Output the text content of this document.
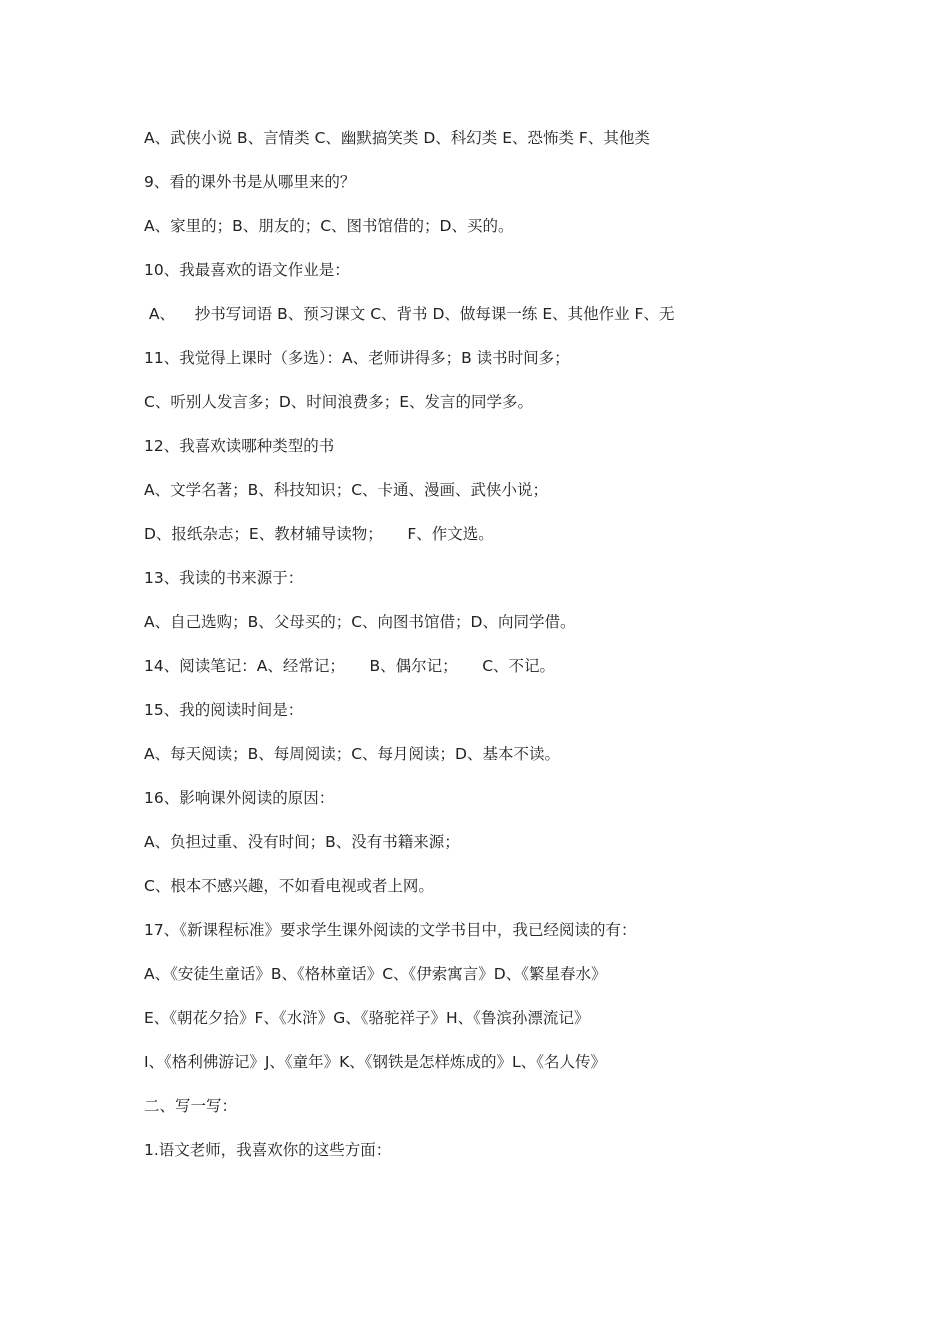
A、武侠小说 B、言情类 C、幽默搞笑类 D、科幻类 E、恐怖类 F、其他类
9、看的课外书是从哪里来的？
A、家里的；B、朋友的；C、图书馆借的；D、买的。
10、我最喜欢的语文作业是：
A、    抄书写词语 B、预习课文 C、背书 D、做每课一练 E、其他作业 F、无
11、我觉得上课时（多选）：A、老师讲得多；B 读书时间多；
C、听别人发言多；D、时间浪费多；E、发言的同学多。
12、我喜欢读哪种类型的书
A、文学名著；B、科技知识；C、卡通、漫画、武侠小说；
D、报纸杂志；E、教材辅导读物；     F、作文选。
13、我读的书来源于：
A、自己选购；B、父母买的；C、向图书馆借；D、向同学借。
14、阅读笔记：A、经常记；     B、偶尔记；     C、不记。
15、我的阅读时间是：
A、每天阅读；B、每周阅读；C、每月阅读；D、基本不读。
16、影响课外阅读的原因：
A、负担过重、没有时间；B、没有书籍来源；
C、根本不感兴趣，不如看电视或者上网。
17、《新课程标准》要求学生课外阅读的文学书目中，我已经阅读的有：
A、《安徒生童话》B、《格林童话》C、《伊索寓言》D、《繁星春水》
E、《朝花夕拾》F、《水浒》G、《骆驼祥子》H、《鲁滨孙漂流记》
I、《格利佛游记》J、《童年》K、《钢铁是怎样炼成的》L、《名人传》
二、写一写：
1.语文老师，我喜欢你的这些方面：
